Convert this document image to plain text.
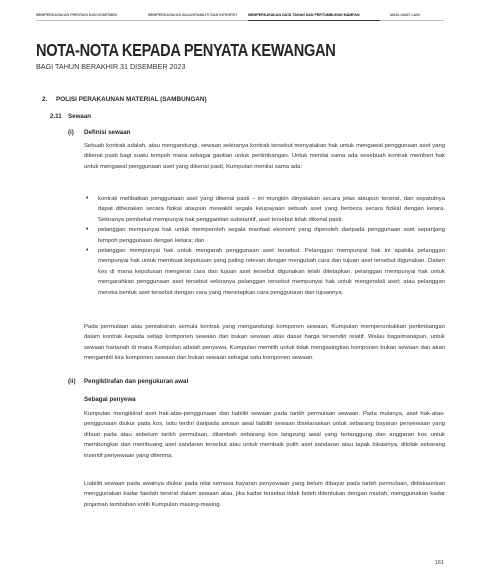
MEMPERKAYAKAN PRESTASI DAN KOMITMEN	MEMPERKAYAKAN AKAUNTABILITI DAN INTEGRITI	MEMPERKAYAKAN DATA TAHAN DAN PERTUMBUHAN MAMPAN	MAKLUMAT LAIN
NOTA-NOTA KEPADA PENYATA KEWANGAN
BAGI TAHUN BERAKHIR 31 DISEMBER 2023
2. POLISI PERAKAUNAN MATERIAL (SAMBUNGAN)
2.11 Sewaan
(i) Definisi sewaan

Sebuah kontrak adalah, atau mengandungi, sewaan sekiranya kontrak tersebut menyatakan hak untuk mengawal penggunaan aset yang dikenal pasti bagi suatu tempoh masa sebagai gantian untuk pertimbangan. Untuk menilai sama ada sesebuah kontrak memberi hak untuk mengawal penggunaan aset yang dikenal pasti, Kumpulan menilai sama ada:

• kontrak melibatkan penggunaan aset yang dikenal pasti – ini mungkin dinyatakan secara jelas ataupun tersirat, dan sepatutnya dapat dibezakan secara fizikal ataupun mewakili segala keupayaan sebuah aset yang berbeza secara fizikal dengan ketara. Sekiranya pembekal mempunyai hak penggantian substantif, aset tersebut tidak dikenal pasti;

• pelanggan mempunyai hak untuk memperoleh segala manfaat ekonomi yang diperoleh daripada penggunaan aset sepanjang tempoh penggunaan dengan ketara; dan

• pelanggan mempunyai hak untuk mengarah penggunaan aset tersebut. Pelanggan mempunyai hak ini apabila pelanggan mempunyai hak untuk membuat keputusan yang paling relevan dengan mengubah cara dan tujuan aset tersebut digunakan. Dalam kes di mana keputusan mengenai cara dan tujuan aset tersebut digunakan telah ditetapkan, pelanggan mempunyai hak untuk mengarahkan penggunaan aset tersebut sekiranya pelanggan tersebut mempunyai hak untuk mengendali aset; atau pelanggan mereka bentuk aset tersebut dengan cara yang menetapkan cara penggunaan dan tujuannya.

Pada permulaan atau pentaksiran semula kontrak yang mengandungi komponen sewaan, Kumpulan memperuntukkan pertimbangan dalam kontrak kepada setiap komponen sewaan dan bukan sewaan atas dasar harga tersendiri relatif. Walau bagaimanapun, untuk sewaan hartanah di mana Kumpulan adalah penyewa, Kumpulan memilih untuk tidak mengasingkan komponen bukan sewaan dan akan mengambil kira komponen sewaan dan bukan sewaan sebagai satu komponen sewaan.

(ii) Pengiktirafan dan pengukuran awal
Sebagai penyewa

Kumpulan mengiktiraf aset hak-atas-penggunaan dan liabiliti sewaan pada tarikh permulaan sewaan. Pada mulanya, aset hak-atas-penggunaan diukur pada kos, iaitu terdiri daripada amaun awal liabiliti sewaan diselaraskan untuk sebarang bayaran penyewaan yang dibuat pada atau sebelum tarikh permulaan, ditambah sebarang kos langsung awal yang tertanggung dan anggaran kos untuk membongkar dan membuang aset sandaran tersebut atau untuk membaik pulih aset sandaran atau tapak lokasinya, ditolak sebarang insentif penyewaan yang diterima.

Liabiliti sewaan pada awalnya diukur pada nilai semasa bayaran penyewaan yang belum dibayar pada tarikh permulaan, didiskaunkan menggunakan kadar faedah tersirat dalam sewaan atau, jika kadar tersebut tidak boleh ditentukan dengan mudah, menggunakan kadar pinjaman tambahan entiti Kumpulan masing-masing.

161
